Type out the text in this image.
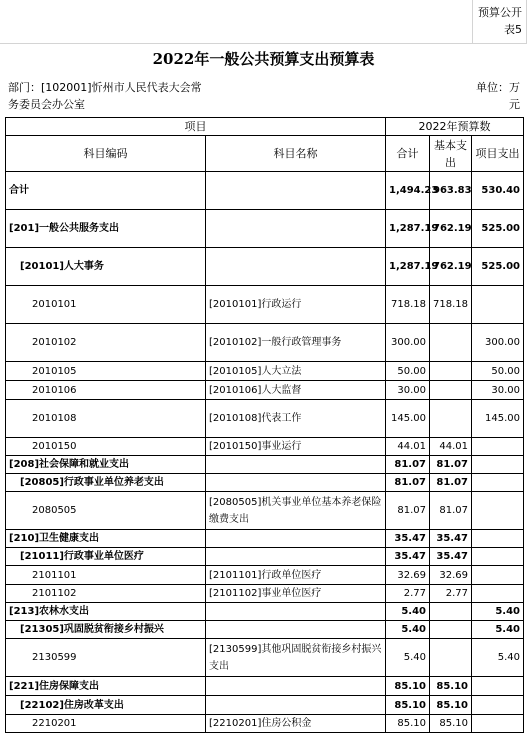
预算公开表5
2022年一般公共预算支出预算表
部门：[102001]忻州市人民代表大会常务委员会办公室
单位：万元
项目		2022年预算数		
科目编码	科目名称	合计	基本支出	项目支出
合计		1,494.23	963.83	530.40
[201]一般公共服务支出		1,287.19	762.19	525.00
[20101]人大事务		1,287.19	762.19	525.00
2010101	[2010101]行政运行	718.18	718.18	
2010102	[2010102]一般行政管理事务	300.00		300.00
2010105	[2010105]人大立法	50.00		50.00
2010106	[2010106]人大监督	30.00		30.00
2010108	[2010108]代表工作	145.00		145.00
2010150	[2010150]事业运行	44.01	44.01	
[208]社会保障和就业支出		81.07	81.07	
[20805]行政事业单位养老支出		81.07	81.07	
2080505	[2080505]机关事业单位基本养老保险缴费支出	81.07	81.07	
[210]卫生健康支出		35.47	35.47	
[21011]行政事业单位医疗		35.47	35.47	
2101101	[2101101]行政单位医疗	32.69	32.69	
2101102	[2101102]事业单位医疗	2.77	2.77	
[213]农林水支出		5.40		5.40
[21305]巩固脱贫衔接乡村振兴		5.40		5.40
2130599	[2130599]其他巩固脱贫衔接乡村振兴支出	5.40		5.40
[221]住房保障支出		85.10	85.10	
[22102]住房改革支出		85.10	85.10	
2210201	[2210201]住房公积金	85.10	85.10	
